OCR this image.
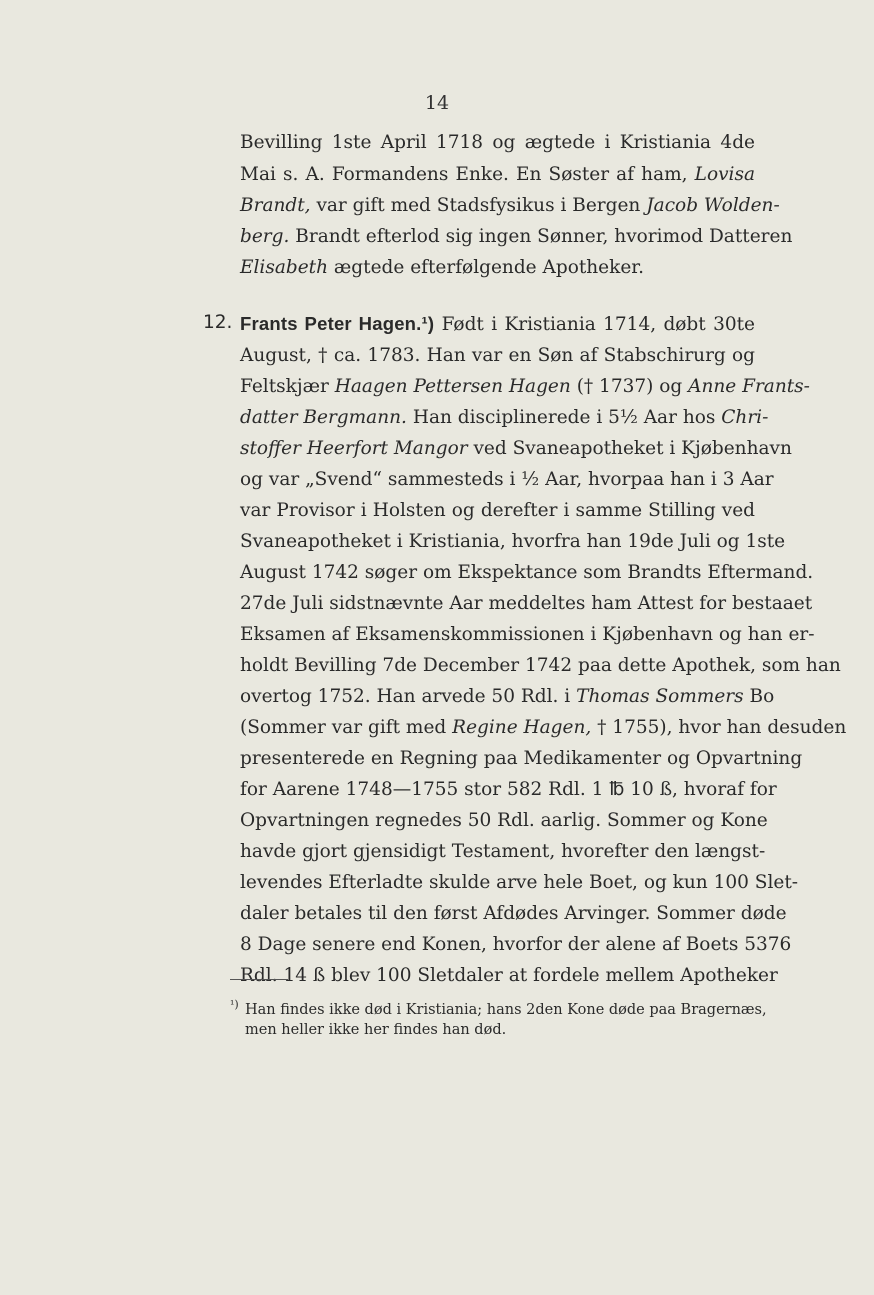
14
Bevilling 1ste April 1718 og ægtede i Kristiania 4de
Mai s. A. Formandens Enke. En Søster af ham, Lovisa
Brandt, var gift med Stadsfysikus i Bergen Jacob Wolden-
berg. Brandt efterlod sig ingen Sønner, hvorimod Datteren
Elisabeth ægtede efterfølgende Apotheker.
12. Frants Peter Hagen.¹) Født i Kristiania 1714, døbt 30te
August, † ca. 1783. Han var en Søn af Stabschirurg og
Feltskjær Haagen Pettersen Hagen († 1737) og Anne Frants-
datter Bergmann. Han disciplinerede i 5½ Aar hos Chri-
stoffer Heerfort Mangor ved Svaneapotheket i Kjøbenhavn
og var „Svend“ sammesteds i ½ Aar, hvorpaa han i 3 Aar
var Provisor i Holsten og derefter i samme Stilling ved
Svaneapotheket i Kristiania, hvorfra han 19de Juli og 1ste
August 1742 søger om Ekspektance som Brandts Eftermand.
27de Juli sidstnævnte Aar meddeltes ham Attest for bestaaet
Eksamen af Eksamenskommissionen i Kjøbenhavn og han er-
holdt Bevilling 7de December 1742 paa dette Apothek, som han
overtog 1752. Han arvede 50 Rdl. i Thomas Sommers Bo
(Sommer var gift med Regine Hagen, † 1755), hvor han desuden
presenterede en Regning paa Medikamenter og Opvartning
for Aarene 1748—1755 stor 582 Rdl. 1 ℔ 10 ß, hvoraf for
Opvartningen regnedes 50 Rdl. aarlig. Sommer og Kone
havde gjort gjensidigt Testament, hvorefter den længst-
levendes Efterladte skulde arve hele Boet, og kun 100 Slet-
daler betales til den først Afdødes Arvinger. Sommer døde
8 Dage senere end Konen, hvorfor der alene af Boets 5376
Rdl. 14 ß blev 100 Sletdaler at fordele mellem Apotheker
¹) Han findes ikke død i Kristiania; hans 2den Kone døde paa Bragernæs,
men heller ikke her findes han død.
